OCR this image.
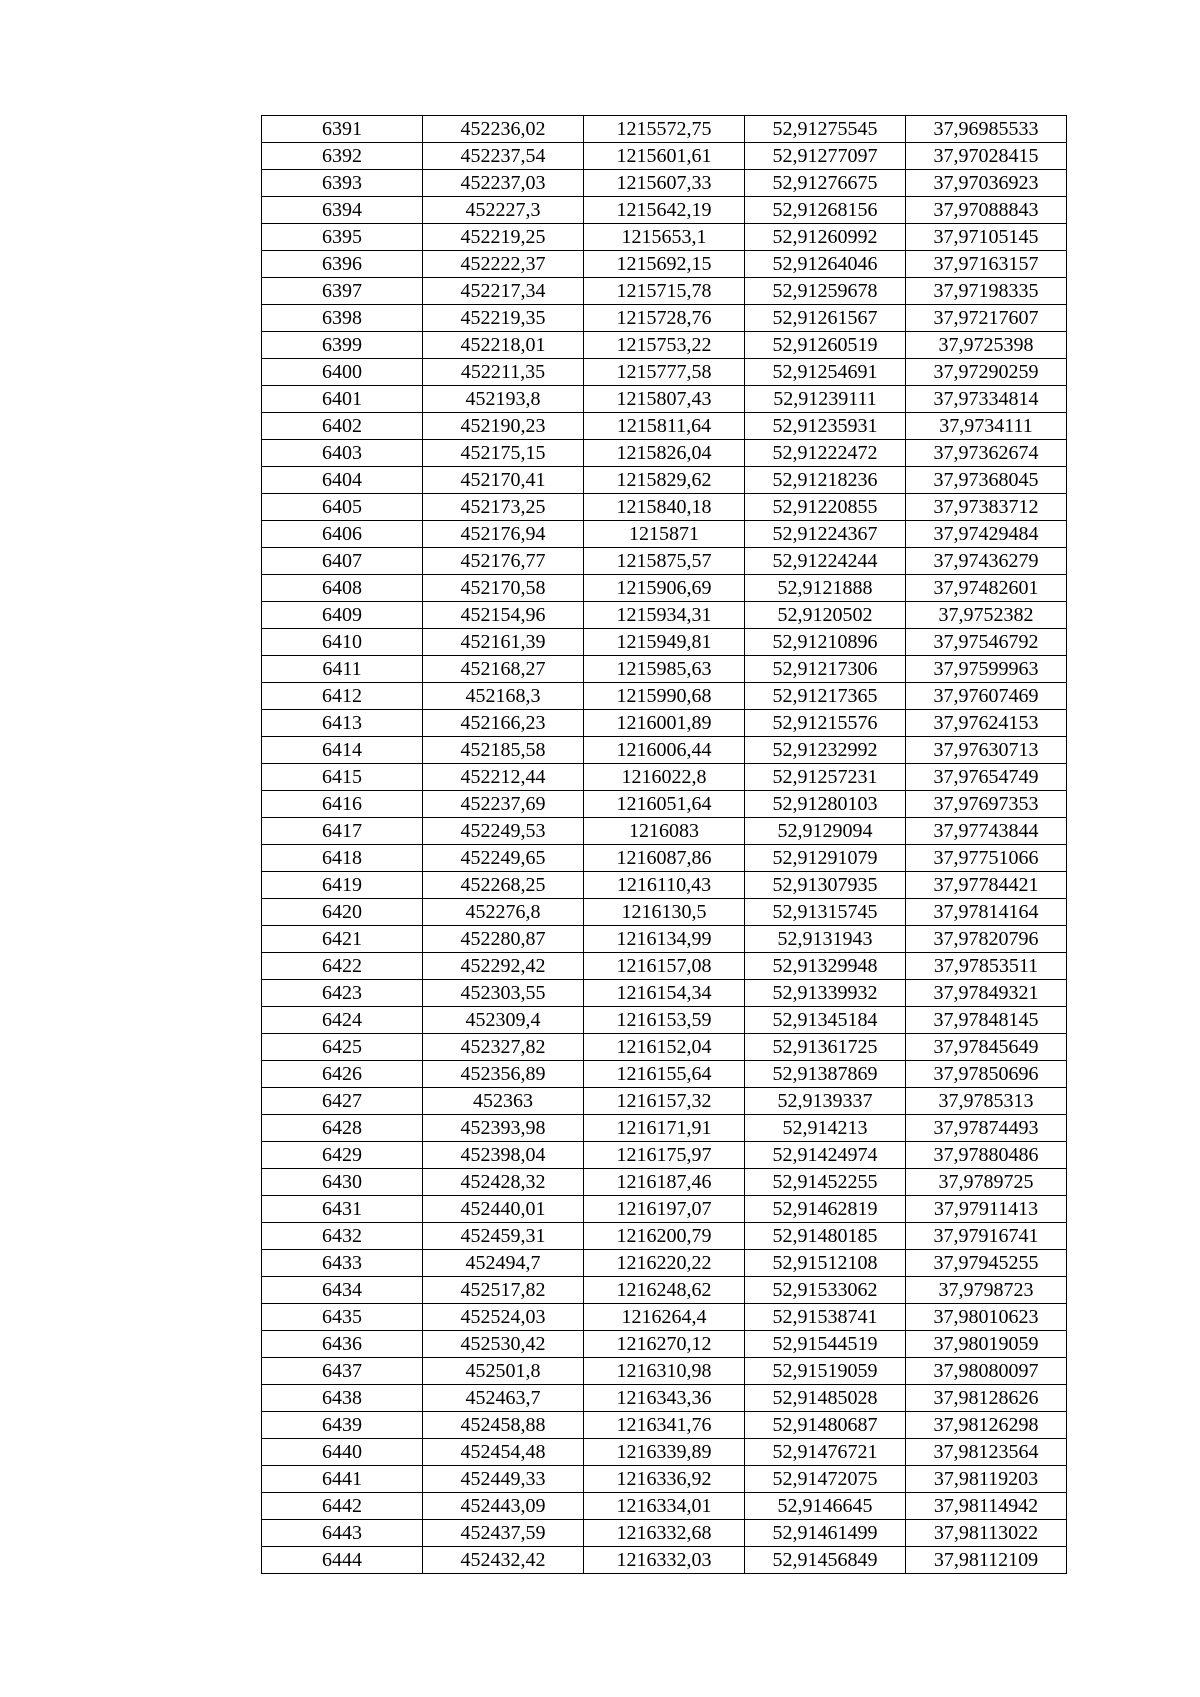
6391	452236,02	1215572,75	52,91275545	37,96985533
6392	452237,54	1215601,61	52,91277097	37,97028415
6393	452237,03	1215607,33	52,91276675	37,97036923
6394	452227,3	1215642,19	52,91268156	37,97088843
6395	452219,25	1215653,1	52,91260992	37,97105145
6396	452222,37	1215692,15	52,91264046	37,97163157
6397	452217,34	1215715,78	52,91259678	37,97198335
6398	452219,35	1215728,76	52,91261567	37,97217607
6399	452218,01	1215753,22	52,91260519	37,9725398
6400	452211,35	1215777,58	52,91254691	37,97290259
6401	452193,8	1215807,43	52,91239111	37,97334814
6402	452190,23	1215811,64	52,91235931	37,9734111
6403	452175,15	1215826,04	52,91222472	37,97362674
6404	452170,41	1215829,62	52,91218236	37,97368045
6405	452173,25	1215840,18	52,91220855	37,97383712
6406	452176,94	1215871	52,91224367	37,97429484
6407	452176,77	1215875,57	52,91224244	37,97436279
6408	452170,58	1215906,69	52,9121888	37,97482601
6409	452154,96	1215934,31	52,9120502	37,9752382
6410	452161,39	1215949,81	52,91210896	37,97546792
6411	452168,27	1215985,63	52,91217306	37,97599963
6412	452168,3	1215990,68	52,91217365	37,97607469
6413	452166,23	1216001,89	52,91215576	37,97624153
6414	452185,58	1216006,44	52,91232992	37,97630713
6415	452212,44	1216022,8	52,91257231	37,97654749
6416	452237,69	1216051,64	52,91280103	37,97697353
6417	452249,53	1216083	52,9129094	37,97743844
6418	452249,65	1216087,86	52,91291079	37,97751066
6419	452268,25	1216110,43	52,91307935	37,97784421
6420	452276,8	1216130,5	52,91315745	37,97814164
6421	452280,87	1216134,99	52,9131943	37,97820796
6422	452292,42	1216157,08	52,91329948	37,97853511
6423	452303,55	1216154,34	52,91339932	37,97849321
6424	452309,4	1216153,59	52,91345184	37,97848145
6425	452327,82	1216152,04	52,91361725	37,97845649
6426	452356,89	1216155,64	52,91387869	37,97850696
6427	452363	1216157,32	52,9139337	37,9785313
6428	452393,98	1216171,91	52,914213	37,97874493
6429	452398,04	1216175,97	52,91424974	37,97880486
6430	452428,32	1216187,46	52,91452255	37,9789725
6431	452440,01	1216197,07	52,91462819	37,97911413
6432	452459,31	1216200,79	52,91480185	37,97916741
6433	452494,7	1216220,22	52,91512108	37,97945255
6434	452517,82	1216248,62	52,91533062	37,9798723
6435	452524,03	1216264,4	52,91538741	37,98010623
6436	452530,42	1216270,12	52,91544519	37,98019059
6437	452501,8	1216310,98	52,91519059	37,98080097
6438	452463,7	1216343,36	52,91485028	37,98128626
6439	452458,88	1216341,76	52,91480687	37,98126298
6440	452454,48	1216339,89	52,91476721	37,98123564
6441	452449,33	1216336,92	52,91472075	37,98119203
6442	452443,09	1216334,01	52,9146645	37,98114942
6443	452437,59	1216332,68	52,91461499	37,98113022
6444	452432,42	1216332,03	52,91456849	37,98112109
